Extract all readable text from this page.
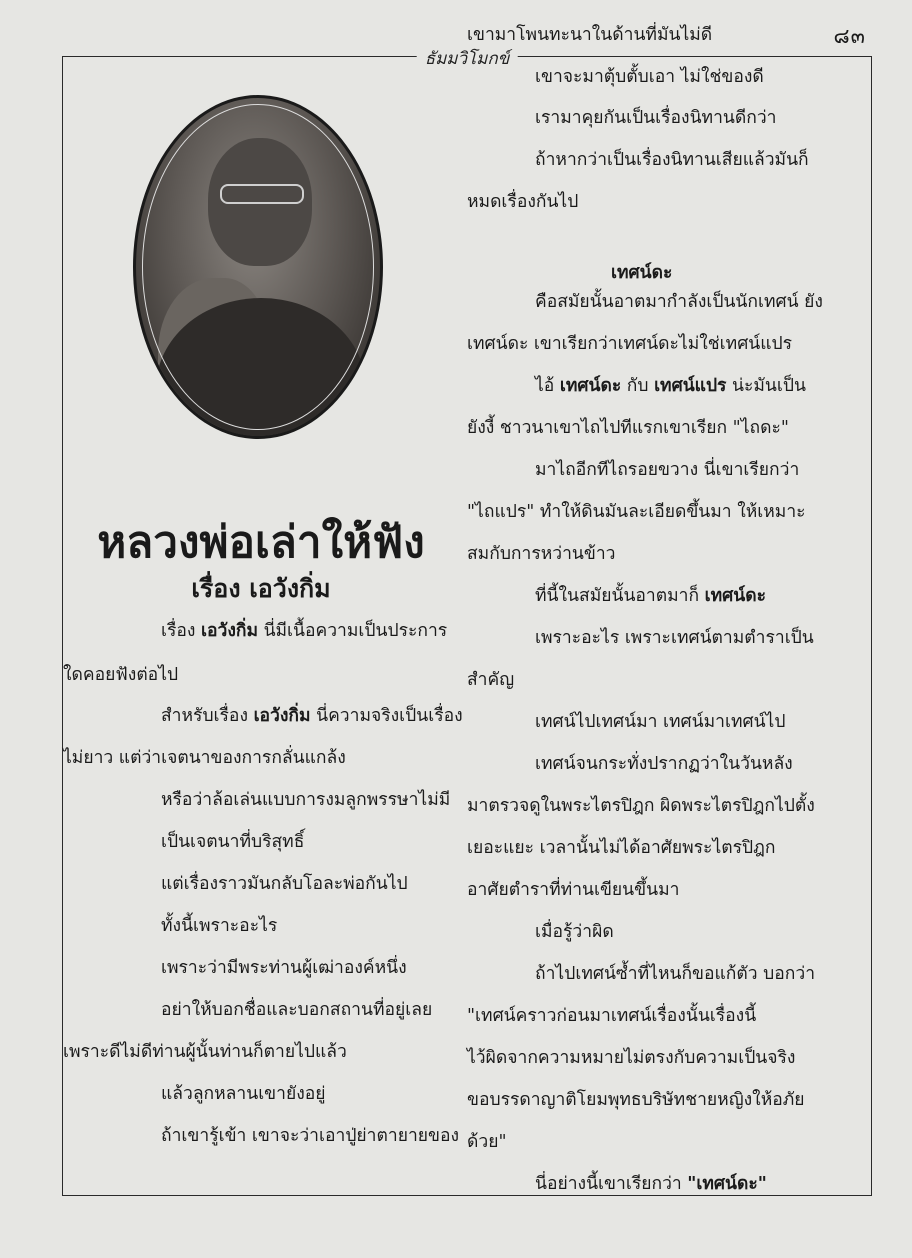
๘๓
ธัมมวิโมกข์
หลวงพ่อเล่าให้ฟัง
เรื่อง เอวังกิ่ม
เรื่อง เอวังกิ่ม นี่มีเนื้อความเป็นประการ
ใดคอยฟังต่อไป
สำหรับเรื่อง เอวังกิ่ม นี่ความจริงเป็นเรื่อง
ไม่ยาว แต่ว่าเจตนาของการกลั่นแกล้ง
หรือว่าล้อเล่นแบบการงมลูกพรรษาไม่มี
เป็นเจตนาที่บริสุทธิ์
แต่เรื่องราวมันกลับโอละพ่อกันไป
ทั้งนี้เพราะอะไร
เพราะว่ามีพระท่านผู้เฒ่าองค์หนึ่ง
อย่าให้บอกชื่อและบอกสถานที่อยู่เลย
เพราะดีไม่ดีท่านผู้นั้นท่านก็ตายไปแล้ว
แล้วลูกหลานเขายังอยู่
ถ้าเขารู้เข้า เขาจะว่าเอาปู่ย่าตายายของ
เขามาโพนทะนาในด้านที่มันไม่ดี
เขาจะมาตุ้บตั้บเอา ไม่ใช่ของดี
เรามาคุยกันเป็นเรื่องนิทานดีกว่า
ถ้าหากว่าเป็นเรื่องนิทานเสียแล้วมันก็
หมดเรื่องกันไป
เทศน์ดะ
คือสมัยนั้นอาตมากำลังเป็นนักเทศน์ ยัง
เทศน์ดะ เขาเรียกว่าเทศน์ดะไม่ใช่เทศน์แปร
ไอ้ เทศน์ดะ กับ เทศน์แปร น่ะมันเป็น
ยังงี้ ชาวนาเขาไถไปทีแรกเขาเรียก "ไถดะ"
มาไถอีกทีไถรอยขวาง นี่เขาเรียกว่า
"ไถแปร" ทำให้ดินมันละเอียดขึ้นมา ให้เหมาะ
สมกับการหว่านข้าว
ที่นี้ในสมัยนั้นอาตมาก็ เทศน์ดะ
เพราะอะไร เพราะเทศน์ตามตำราเป็น
สำคัญ
เทศน์ไปเทศน์มา เทศน์มาเทศน์ไป
เทศน์จนกระทั่งปรากฏว่าในวันหลัง
มาตรวจดูในพระไตรปิฎก ผิดพระไตรปิฎกไปตั้ง
เยอะแยะ เวลานั้นไม่ได้อาศัยพระไตรปิฎก
อาศัยตำราที่ท่านเขียนขึ้นมา
เมื่อรู้ว่าผิด
ถ้าไปเทศน์ซ้ำที่ไหนก็ขอแก้ตัว บอกว่า
"เทศน์คราวก่อนมาเทศน์เรื่องนั้นเรื่องนี้
ไว้ผิดจากความหมายไม่ตรงกับความเป็นจริง
ขอบรรดาญาติโยมพุทธบริษัทชายหญิงให้อภัย
ด้วย"
นี่อย่างนี้เขาเรียกว่า "เทศน์ดะ"
